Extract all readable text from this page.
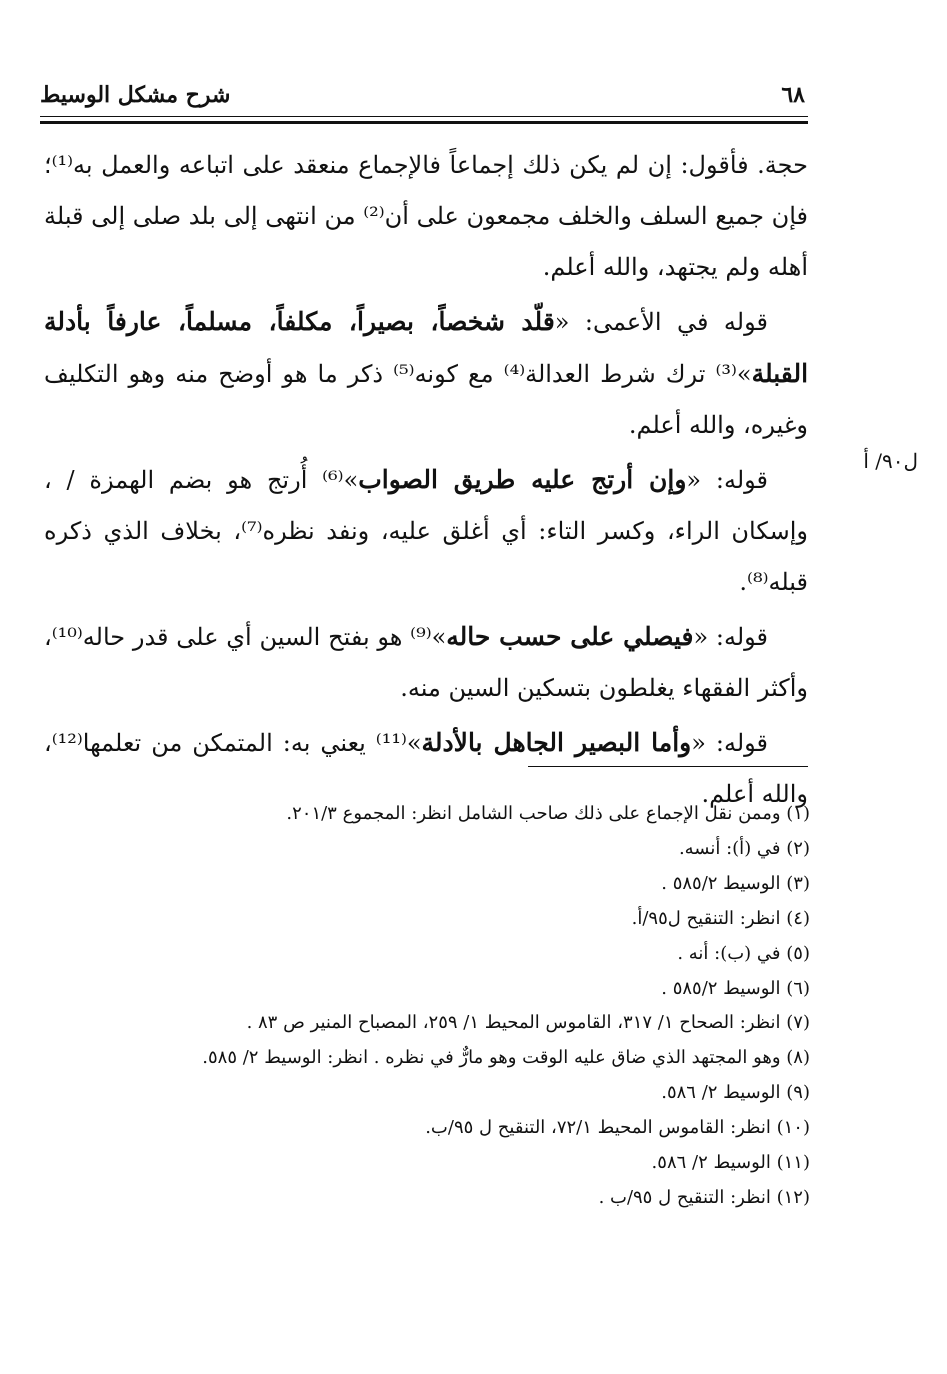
٦٨
شرح مشكل الوسيط
ل٩٠/ أ

حجة. فأقول: إن لم يكن ذلك إجماعاً فالإجماع منعقد على اتباعه والعمل به⁽¹⁾؛ فإن جميع السلف والخلف مجمعون على أن⁽²⁾ من انتهى إلى بلد صلى إلى قبلة أهله ولم يجتهد، والله أعلم.

قوله في الأعمى: «قلّد شخصاً، بصيراً، مكلفاً، مسلماً، عارفاً بأدلة القبلة»⁽³⁾ ترك شرط العدالة⁽⁴⁾ مع كونه⁽⁵⁾ ذكر ما هو أوضح منه وهو التكليف وغيره، والله أعلم.

قوله: «وإن أرتج عليه طريق الصواب»⁽⁶⁾ أُرتج هو بضم الهمزة / ، وإسكان الراء، وكسر التاء: أي أغلق عليه، ونفد نظره⁽⁷⁾، بخلاف الذي ذكره قبله⁽⁸⁾.

قوله: «فيصلي على حسب حاله»⁽⁹⁾ هو بفتح السين أي على قدر حاله⁽¹⁰⁾، وأكثر الفقهاء يغلطون بتسكين السين منه.

قوله: «وأما البصير الجاهل بالأدلة»⁽¹¹⁾ يعني به: المتمكن من تعلمها⁽¹²⁾، والله أعلم.

(١) وممن نقل الإجماع على ذلك صاحب الشامل انظر: المجموع ٢٠١/٣.
(٢) في (أ): أنسه.
(٣) الوسيط ٥٨٥/٢ .
(٤) انظر: التنقيح ل٩٥/أ.
(٥) في (ب): أنه .
(٦) الوسيط ٥٨٥/٢ .
(٧) انظر: الصحاح ١/ ٣١٧، القاموس المحيط ١/ ٢٥٩، المصباح المنير ص ٨٣ .
(٨) وهو المجتهد الذي ضاق عليه الوقت وهو مارٌّ في نظره . انظر: الوسيط ٢/ ٥٨٥.
(٩) الوسيط ٢/ ٥٨٦.
(١٠) انظر: القاموس المحيط ٧٢/١، التنقيح ل ٩٥/ب.
(١١) الوسيط ٢/ ٥٨٦.
(١٢) انظر: التنقيح ل ٩٥/ب .
